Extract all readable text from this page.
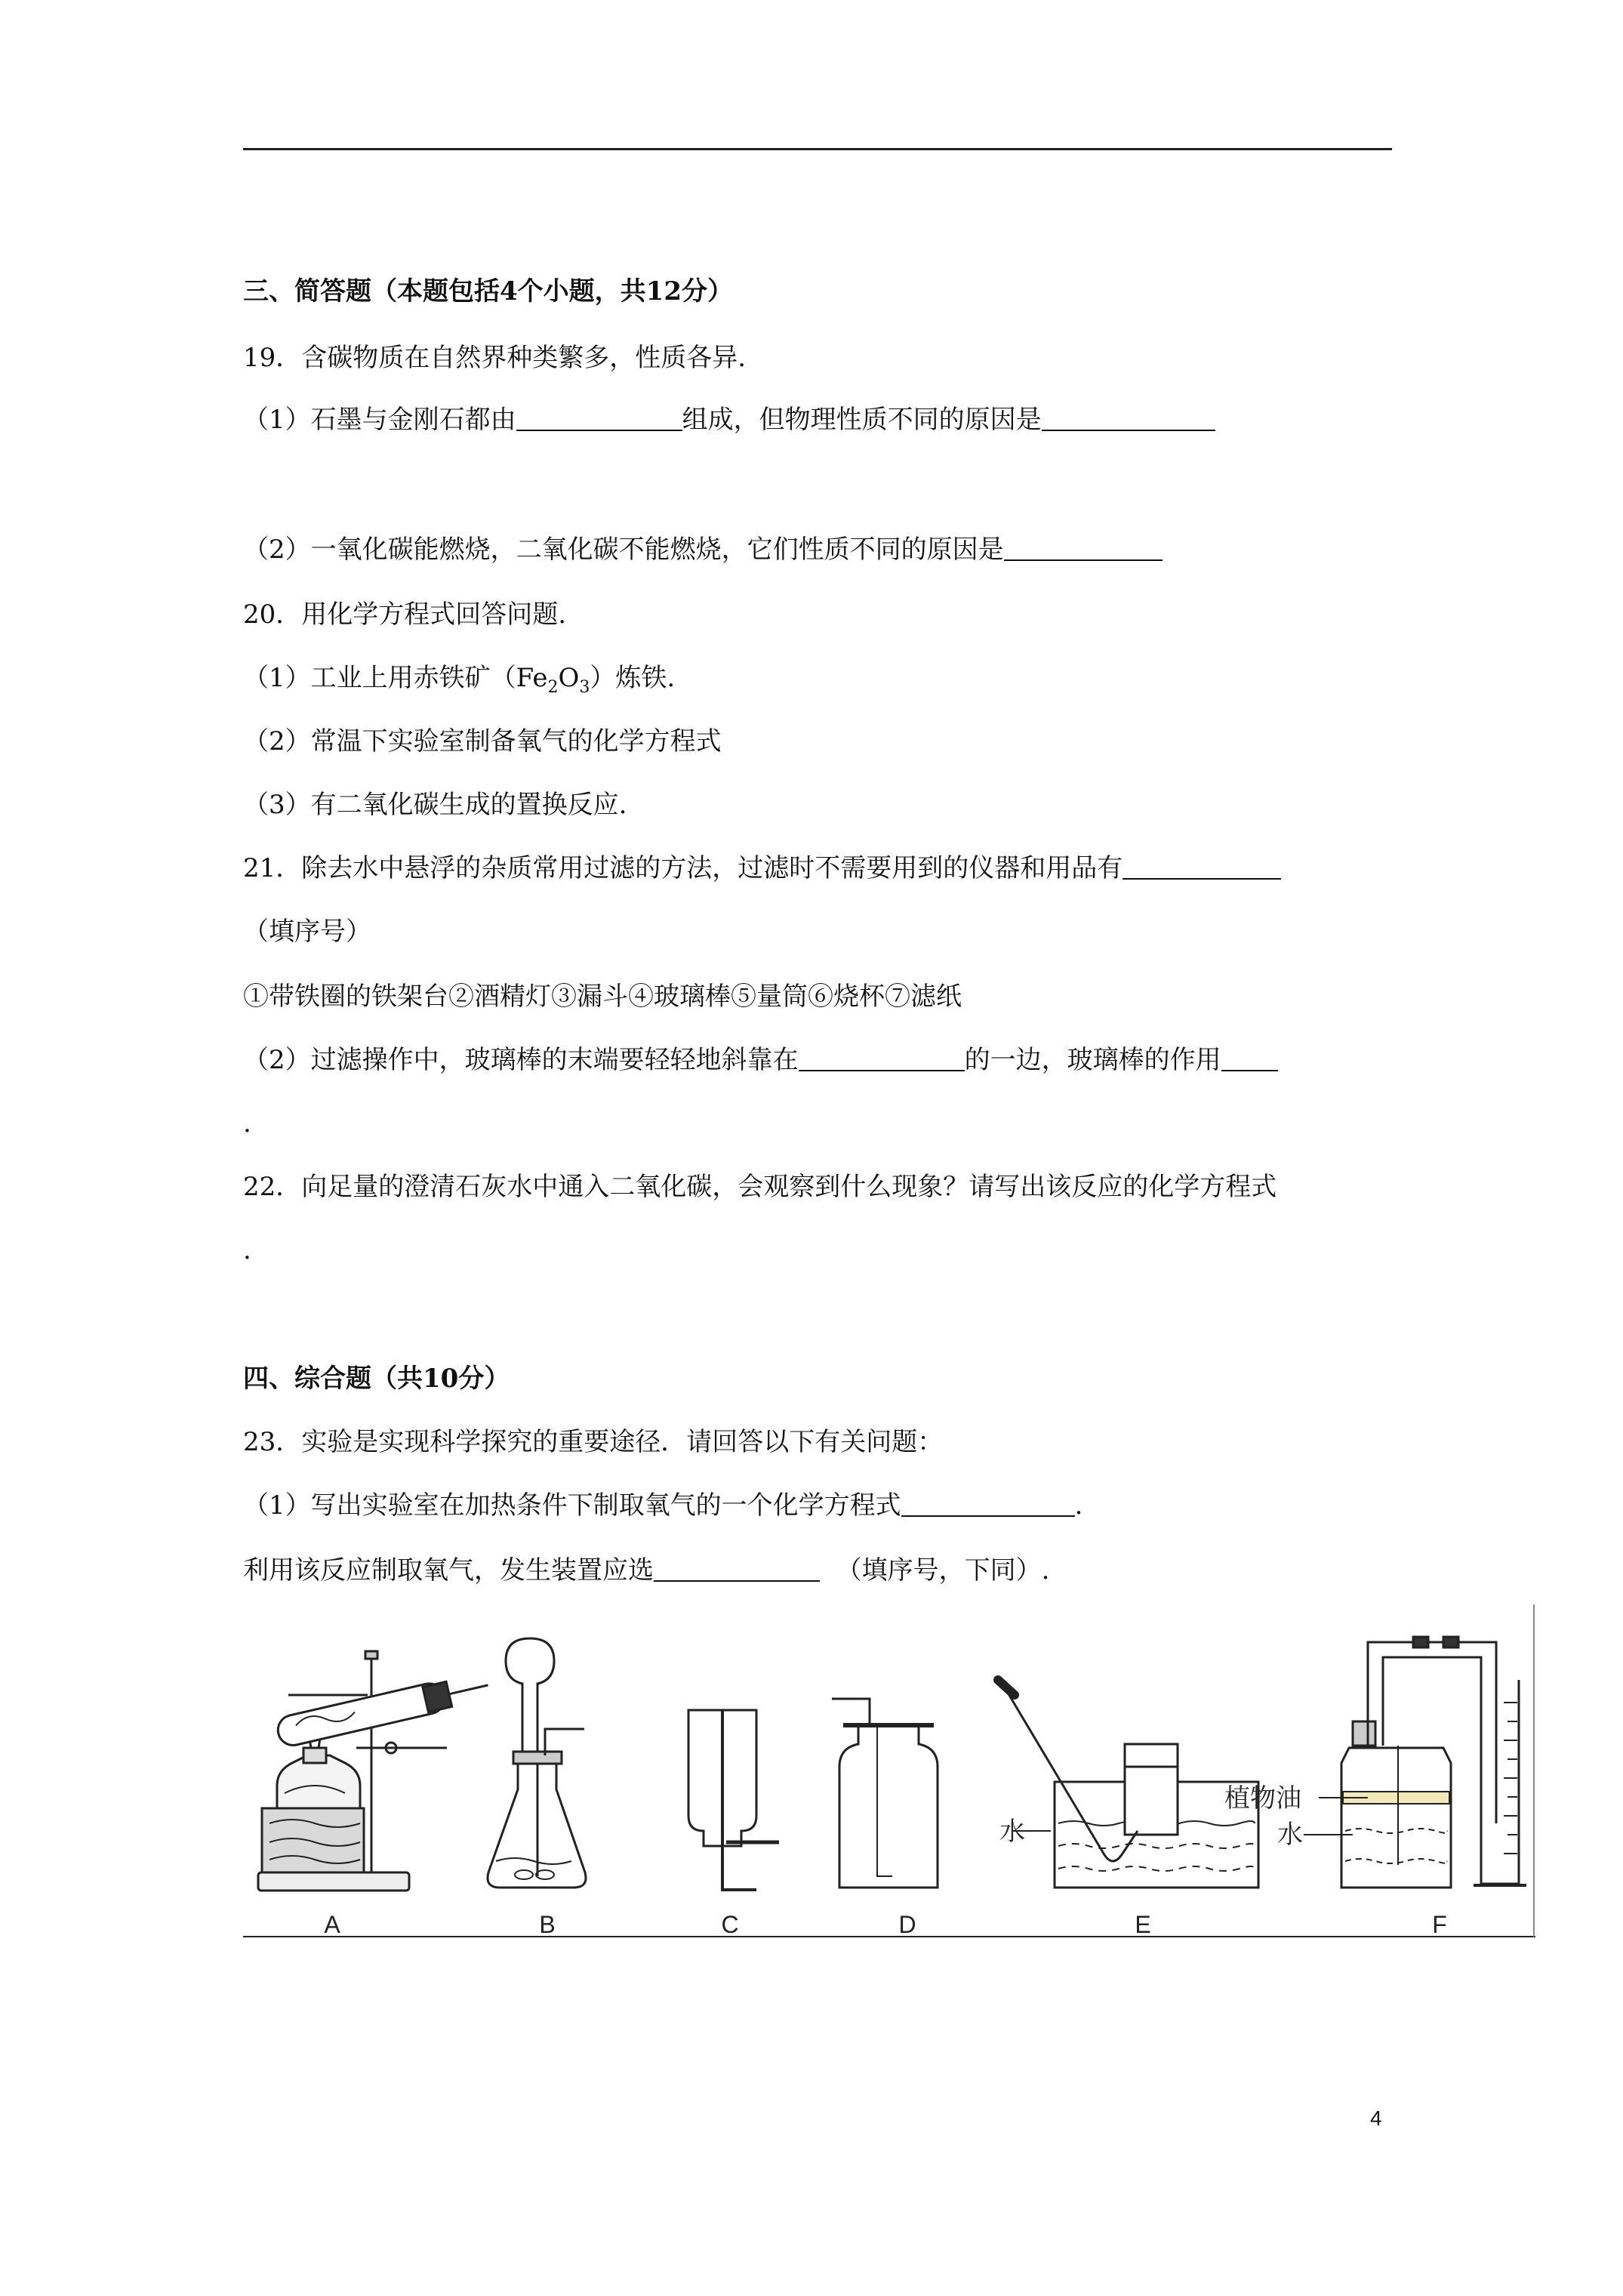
三、简答题（本题包括4个小题，共12分）
19．含碳物质在自然界种类繁多，性质各异.
（1）石墨与金刚石都由	组成，但物理性质不同的原因是
（2）一氧化碳能燃烧，二氧化碳不能燃烧，它们性质不同的原因是
20．用化学方程式回答问题.
（1）工业上用赤铁矿$(Fe_2O_3)$炼铁.
（2）常温下实验室制备氧气的化学方程式
（3）有二氧化碳生成的置换反应.
21．除去水中悬浮的杂质常用过滤的方法，过滤时不需要用到的仪器和用品有
（填序号）
①带铁圈的铁架台②酒精灯③漏斗④玻璃棒⑤量筒⑥烧杯⑦滤纸
（2）过滤操作中，玻璃棒的末端要轻轻地斜靠在	的一边，玻璃棒的作用
.
22．向足量的澄清石灰水中通入二氧化碳，会观察到什么现象？请写出该反应的化学方程式
.
四、综合题（共10分）
23．实验是实现科学探究的重要途径．请回答以下有关问题：
（1）写出实验室在加热条件下制取氧气的一个化学方程式	.
利用该反应制取氧气，发生装置应选	（填序号，下同）.
水
植物油
水
A	B	C	D	E	F
4
